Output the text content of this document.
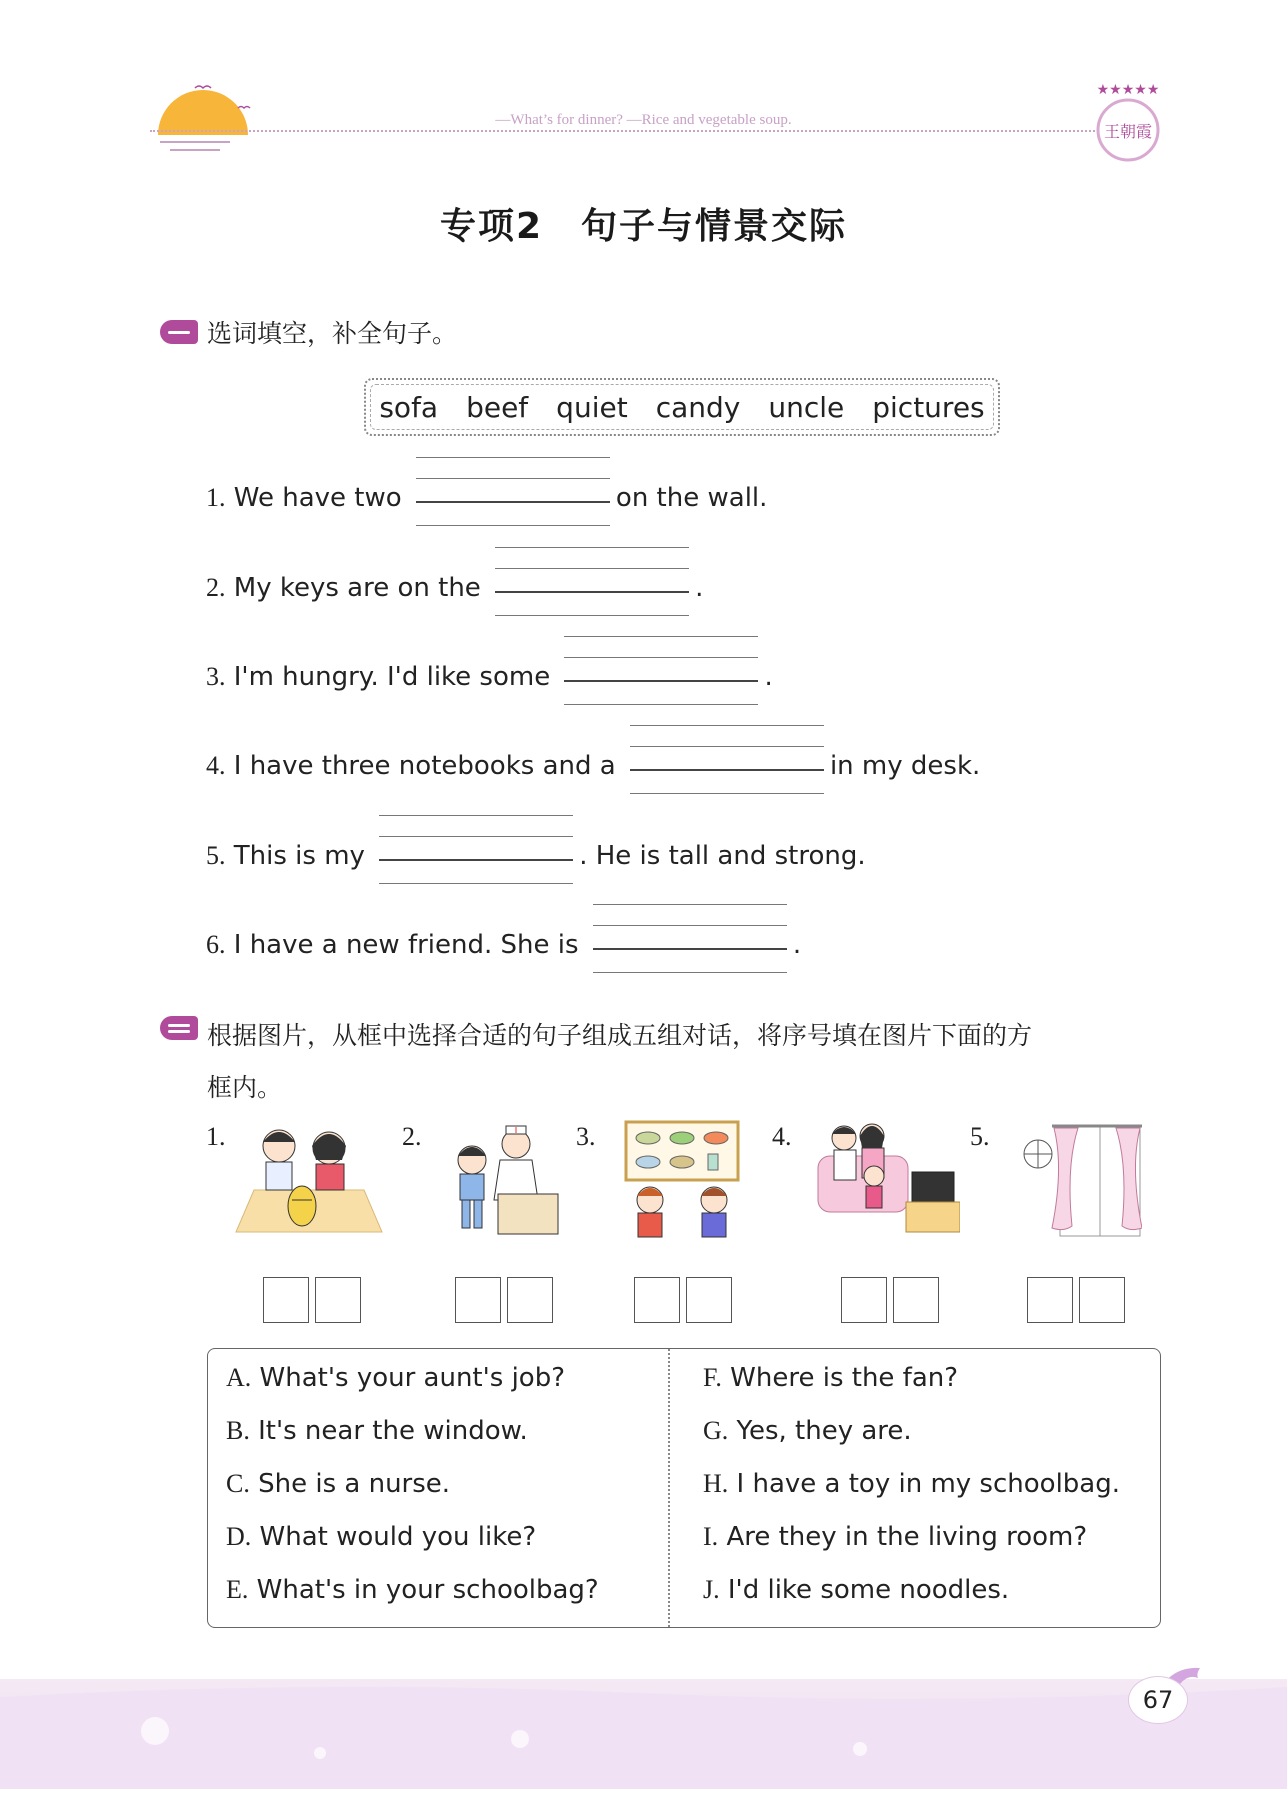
—What’s for dinner? —Rice and vegetable soup.
★★★★★
王朝霞
专项2　句子与情景交际
选词填空，补全句子。
sofa beef quiet candy uncle pictures
1. We have two	on the wall.
2. My keys are on the	.
3. I'm hungry. I'd like some	.
4. I have three notebooks and a	in my desk.
5. This is my	. He is tall and strong.
6. I have a new friend. She is	.
根据图片，从框中选择合适的句子组成五组对话，将序号填在图片下面的方
框内。
1.	2.	3.	4.	5.
A. What's your aunt's job?
B. It's near the window.
C. She is a nurse.
D. What would you like?
E. What's in your schoolbag?
F. Where is the fan?
G. Yes, they are.
H. I have a toy in my schoolbag.
I. Are they in the living room?
J. I'd like some noodles.
67
